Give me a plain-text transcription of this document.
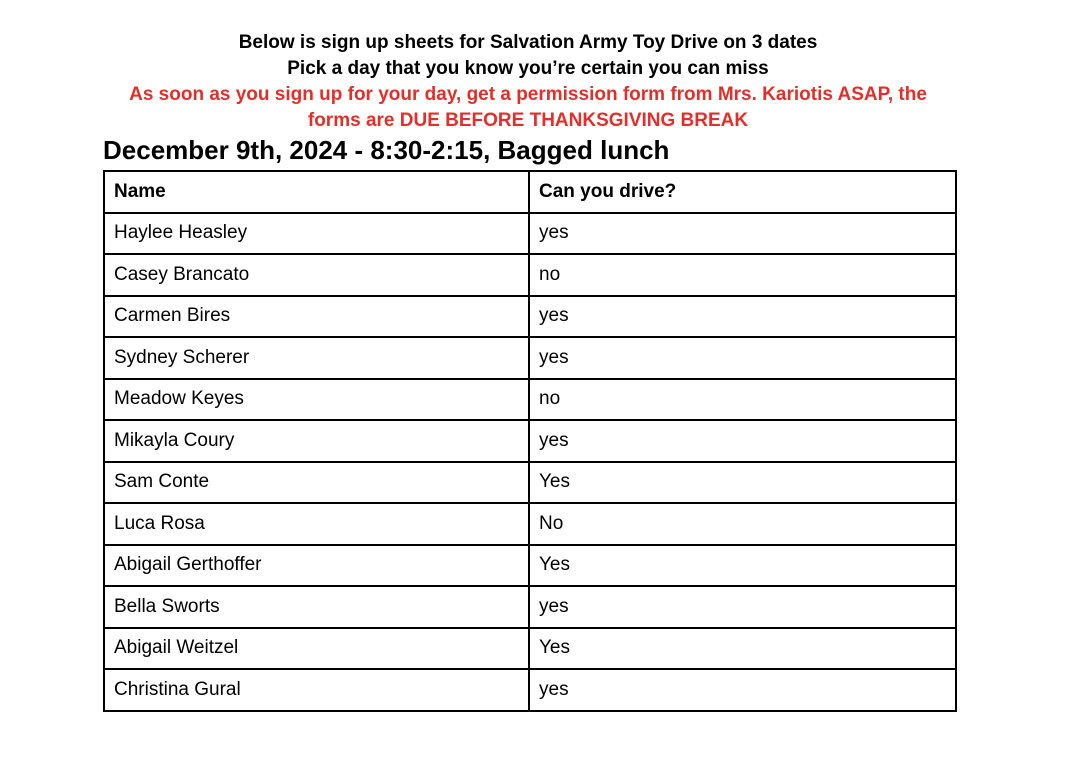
Below is sign up sheets for Salvation Army Toy Drive on 3 dates
Pick a day that you know you’re certain you can miss
As soon as you sign up for your day, get a permission form from Mrs. Kariotis ASAP, the
forms are DUE BEFORE THANKSGIVING BREAK
December 9th, 2024 - 8:30-2:15, Bagged lunch
Name	Can you drive?
Haylee Heasley	yes
Casey Brancato	no
Carmen Bires	yes
Sydney Scherer	yes
Meadow Keyes	no
Mikayla Coury	yes
Sam Conte	Yes
Luca Rosa	No
Abigail Gerthoffer	Yes
Bella Sworts	yes
Abigail Weitzel	Yes
Christina Gural	yes
